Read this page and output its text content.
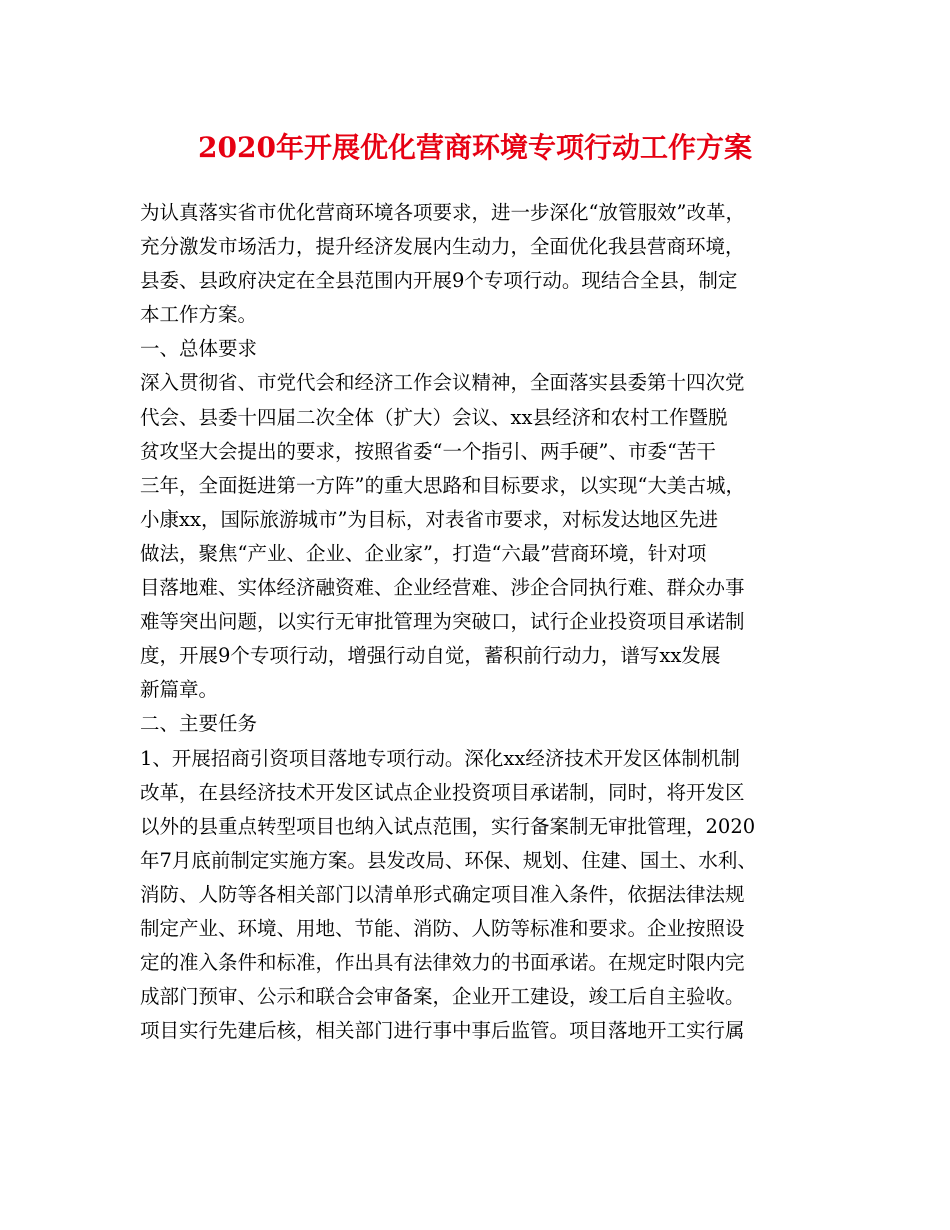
2020年开展优化营商环境专项行动工作方案
为认真落实省市优化营商环境各项要求，进一步深化“放管服效”改革，
充分激发市场活力，提升经济发展内生动力，全面优化我县营商环境，
县委、县政府决定在全县范围内开展9个专项行动。现结合全县，制定
本工作方案。
一、总体要求
深入贯彻省、市党代会和经济工作会议精神，全面落实县委第十四次党
代会、县委十四届二次全体（扩大）会议、xx县经济和农村工作暨脱
贫攻坚大会提出的要求，按照省委“一个指引、两手硬”、市委“苦干
三年，全面挺进第一方阵”的重大思路和目标要求，以实现“大美古城，
小康xx，国际旅游城市”为目标，对表省市要求，对标发达地区先进
做法，聚焦“产业、企业、企业家”，打造“六最”营商环境，针对项
目落地难、实体经济融资难、企业经营难、涉企合同执行难、群众办事
难等突出问题，以实行无审批管理为突破口，试行企业投资项目承诺制
度，开展9个专项行动，增强行动自觉，蓄积前行动力，谱写xx发展
新篇章。
二、主要任务
1、开展招商引资项目落地专项行动。深化xx经济技术开发区体制机制
改革，在县经济技术开发区试点企业投资项目承诺制，同时，将开发区
以外的县重点转型项目也纳入试点范围，实行备案制无审批管理，2020
年7月底前制定实施方案。县发改局、环保、规划、住建、国土、水利、
消防、人防等各相关部门以清单形式确定项目准入条件，依据法律法规
制定产业、环境、用地、节能、消防、人防等标准和要求。企业按照设
定的准入条件和标准，作出具有法律效力的书面承诺。在规定时限内完
成部门预审、公示和联合会审备案，企业开工建设，竣工后自主验收。
项目实行先建后核，相关部门进行事中事后监管。项目落地开工实行属
